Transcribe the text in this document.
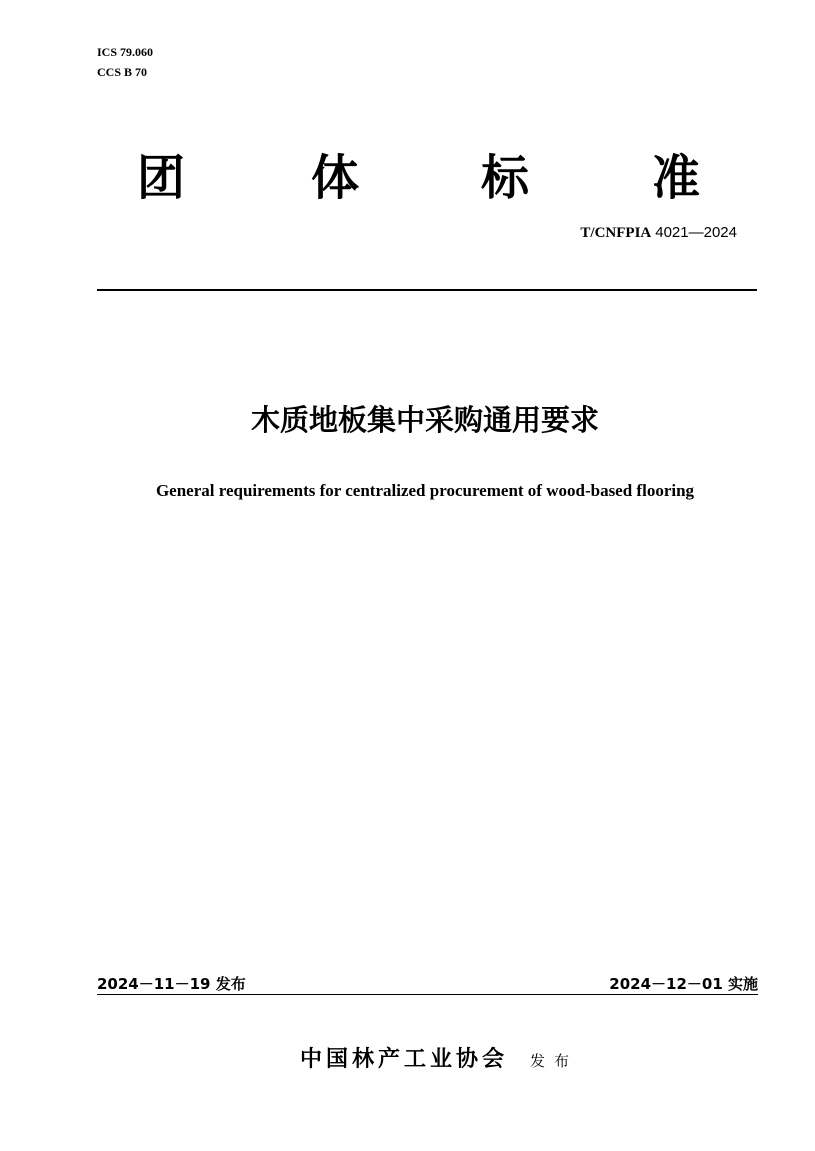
ICS 79.060
CCS B 70
团	体	标	准
T/CNFPIA 4021—2024
木质地板集中采购通用要求
General requirements for centralized procurement of wood-based flooring
2024－11－19 发布	2024－12－01 实施
中国林产工业协会 发布
